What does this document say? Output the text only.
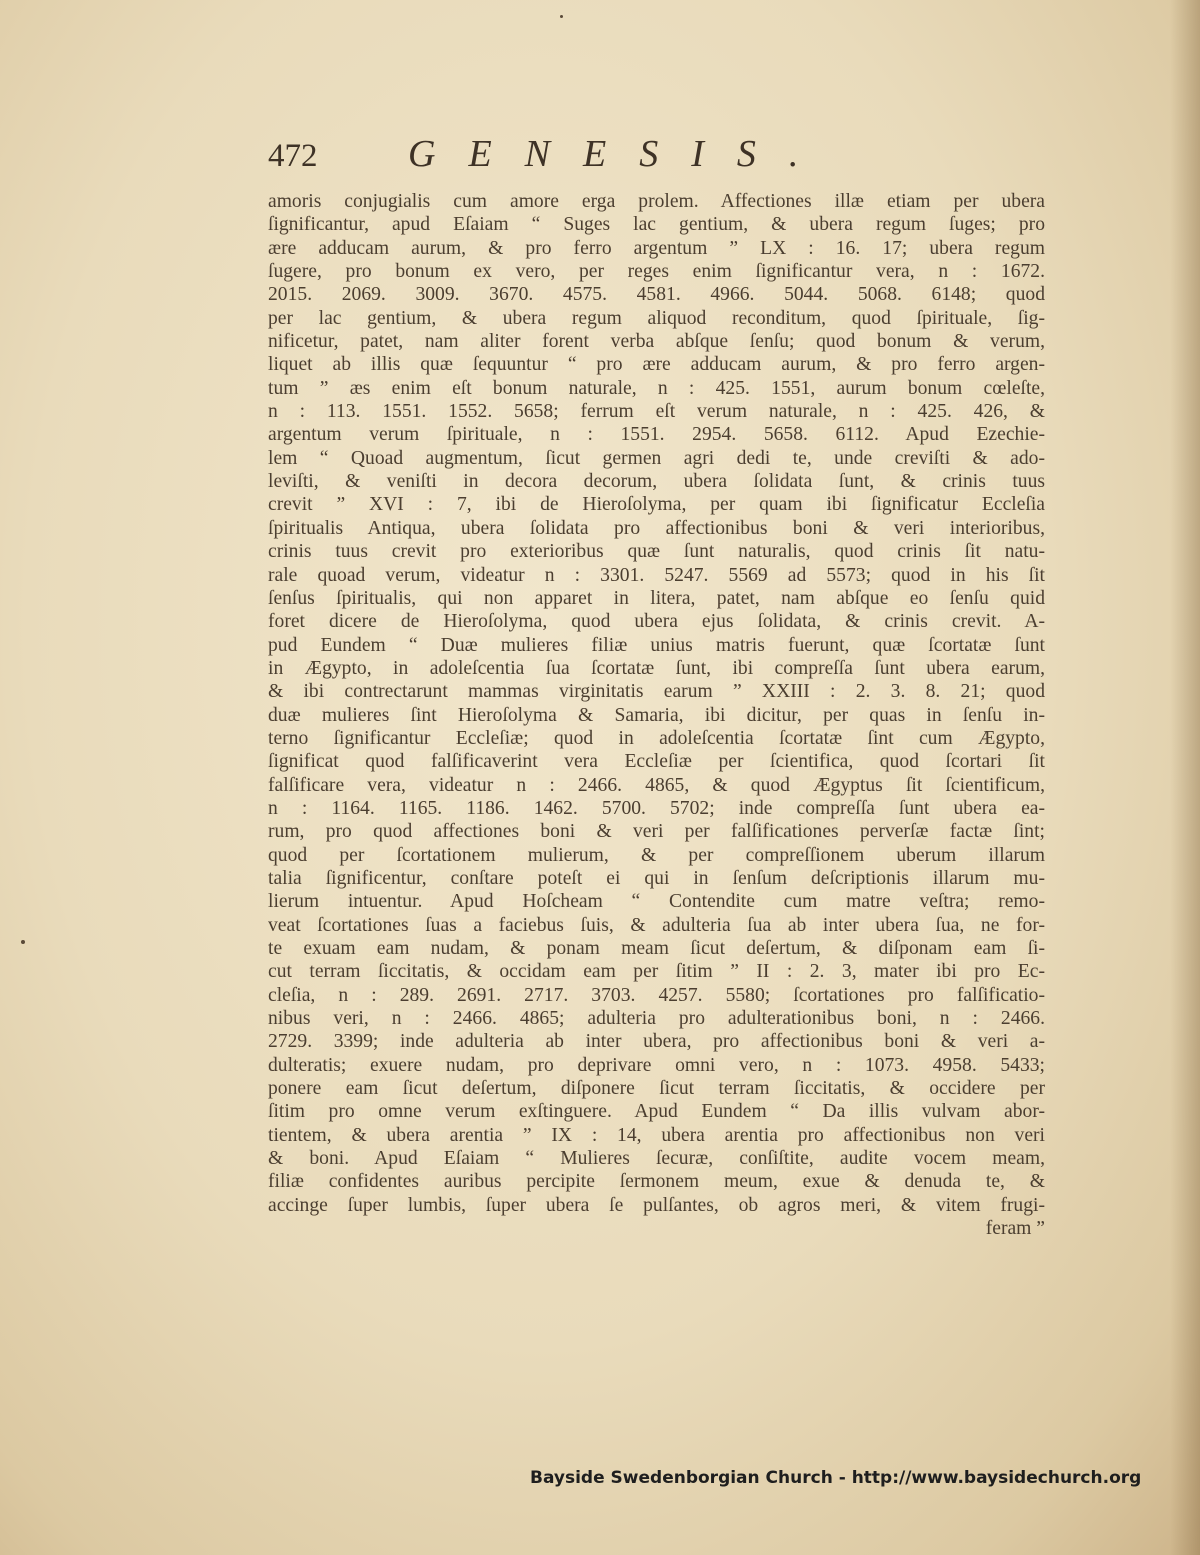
472 GENESIS.
amoris conjugialis cum amore erga prolem. Affectiones illæ etiam per ubera
ſignificantur, apud Eſaiam “ Suges lac gentium, & ubera regum ſuges; pro
ære adducam aurum, & pro ferro argentum ” LX : 16. 17; ubera regum
ſugere, pro bonum ex vero, per reges enim ſignificantur vera, n : 1672.
2015. 2069. 3009. 3670. 4575. 4581. 4966. 5044. 5068. 6148; quod
per lac gentium, & ubera regum aliquod reconditum, quod ſpirituale, ſig-
nificetur, patet, nam aliter forent verba abſque ſenſu; quod bonum & verum,
liquet ab illis quæ ſequuntur “ pro ære adducam aurum, & pro ferro argen-
tum ” æs enim eſt bonum naturale, n : 425. 1551, aurum bonum cœleſte,
n : 113. 1551. 1552. 5658; ferrum eſt verum naturale, n : 425. 426, &
argentum verum ſpirituale, n : 1551. 2954. 5658. 6112. Apud Ezechie-
lem “ Quoad augmentum, ſicut germen agri dedi te, unde creviſti & ado-
leviſti, & veniſti in decora decorum, ubera ſolidata ſunt, & crinis tuus
crevit ” XVI : 7, ibi de Hieroſolyma, per quam ibi ſignificatur Eccleſia
ſpiritualis Antiqua, ubera ſolidata pro affectionibus boni & veri interioribus,
crinis tuus crevit pro exterioribus quæ ſunt naturalis, quod crinis ſit natu-
rale quoad verum, videatur n : 3301. 5247. 5569 ad 5573; quod in his ſit
ſenſus ſpiritualis, qui non apparet in litera, patet, nam abſque eo ſenſu quid
foret dicere de Hieroſolyma, quod ubera ejus ſolidata, & crinis crevit. A-
pud Eundem “ Duæ mulieres filiæ unius matris fuerunt, quæ ſcortatæ ſunt
in Ægypto, in adoleſcentia ſua ſcortatæ ſunt, ibi compreſſa ſunt ubera earum,
& ibi contrectarunt mammas virginitatis earum ” XXIII : 2. 3. 8. 21; quod
duæ mulieres ſint Hieroſolyma & Samaria, ibi dicitur, per quas in ſenſu in-
terno ſignificantur Eccleſiæ; quod in adoleſcentia ſcortatæ ſint cum Ægypto,
ſignificat quod falſificaverint vera Eccleſiæ per ſcientifica, quod ſcortari ſit
falſificare vera, videatur n : 2466. 4865, & quod Ægyptus ſit ſcientificum,
n : 1164. 1165. 1186. 1462. 5700. 5702; inde compreſſa ſunt ubera ea-
rum, pro quod affectiones boni & veri per falſificationes perverſæ factæ ſint;
quod per ſcortationem mulierum, & per compreſſionem uberum illarum
talia ſignificentur, conſtare poteſt ei qui in ſenſum deſcriptionis illarum mu-
lierum intuentur. Apud Hoſcheam “ Contendite cum matre veſtra; remo-
veat ſcortationes ſuas a faciebus ſuis, & adulteria ſua ab inter ubera ſua, ne for-
te exuam eam nudam, & ponam meam ſicut deſertum, & diſponam eam ſi-
cut terram ſiccitatis, & occidam eam per ſitim ” II : 2. 3, mater ibi pro Ec-
cleſia, n : 289. 2691. 2717. 3703. 4257. 5580; ſcortationes pro falſificatio-
nibus veri, n : 2466. 4865; adulteria pro adulterationibus boni, n : 2466.
2729. 3399; inde adulteria ab inter ubera, pro affectionibus boni & veri a-
dulteratis; exuere nudam, pro deprivare omni vero, n : 1073. 4958. 5433;
ponere eam ſicut deſertum, diſponere ſicut terram ſiccitatis, & occidere per
ſitim pro omne verum exſtinguere. Apud Eundem “ Da illis vulvam abor-
tientem, & ubera arentia ” IX : 14, ubera arentia pro affectionibus non veri
& boni. Apud Eſaiam “ Mulieres ſecuræ, conſiſtite, audite vocem meam,
filiæ confidentes auribus percipite ſermonem meum, exue & denuda te, &
accinge ſuper lumbis, ſuper ubera ſe pulſantes, ob agros meri, & vitem frugi-
feram ”
Bayside Swedenborgian Church - http://www.baysidechurch.org
